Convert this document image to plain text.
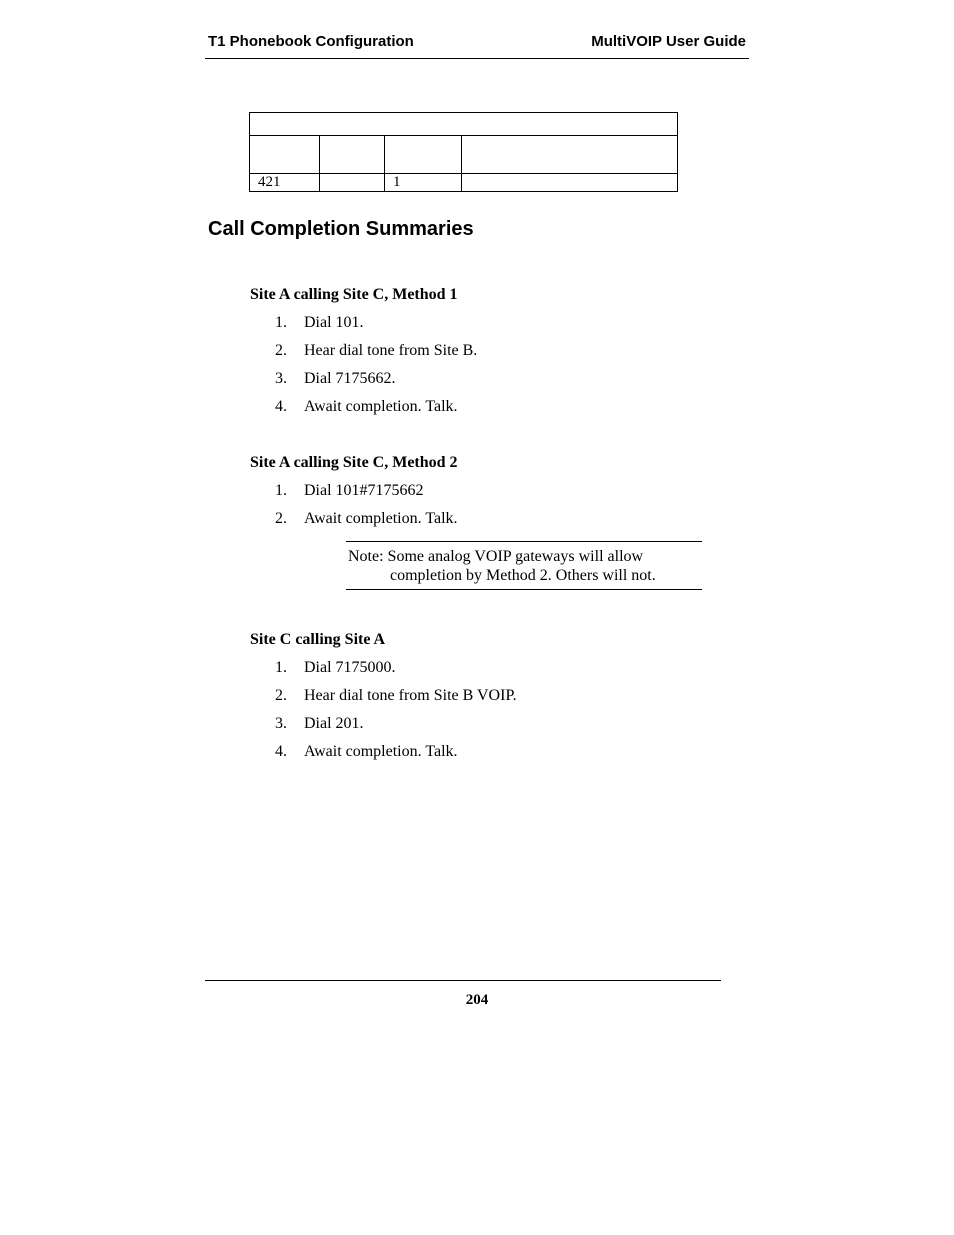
T1 Phonebook Configuration	MultiVOIP User Guide

421		1	
Call Completion Summaries
Site A calling Site C, Method 1
1. Dial 101.
2. Hear dial tone from Site B.
3. Dial 7175662.
4. Await completion. Talk.
Site A calling Site C, Method 2
1. Dial 101#7175662
2. Await completion. Talk.
Note: Some analog VOIP gateways will allow
completion by Method 2. Others will not.
Site C calling Site A
1. Dial 7175000.
2. Hear dial tone from Site B VOIP.
3. Dial 201.
4. Await completion. Talk.
204
